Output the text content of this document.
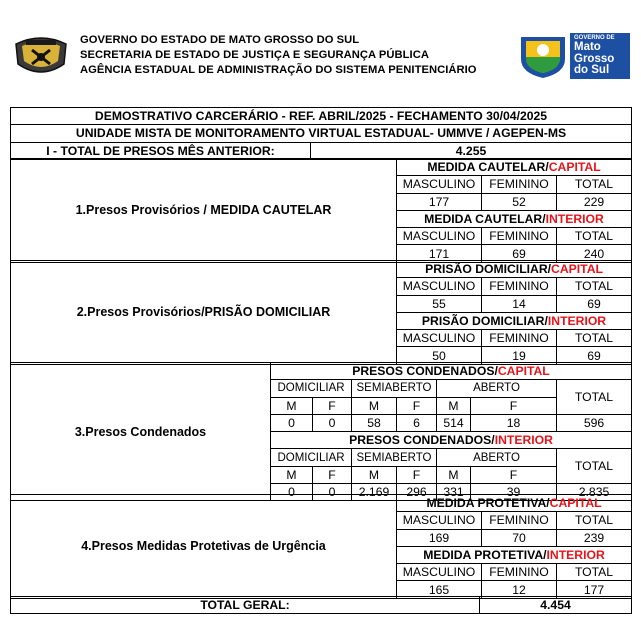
GOVERNO DO ESTADO DE MATO GROSSO DO SUL
SECRETARIA DE ESTADO DE JUSTIÇA E SEGURANÇA PÚBLICA
AGÊNCIA ESTADUAL DE ADMINISTRAÇÃO DO SISTEMA PENITENCIÁRIO
GOVERNO DE
Mato
Grosso
do Sul
DEMOSTRATIVO CARCERÁRIO - REF. ABRIL/2025 - FECHAMENTO 30/04/2025
UNIDADE MISTA DE MONITORAMENTO VIRTUAL ESTADUAL- UMMVE / AGEPEN-MS
I - TOTAL DE PRESOS MÊS ANTERIOR:	4.255
1.Presos Provisórios / MEDIDA CAUTELAR	MEDIDA CAUTELAR/CAPITAL		
	MASCULINO	FEMININO	TOTAL
	177	52	229
	MEDIDA CAUTELAR/INTERIOR		
	MASCULINO	FEMININO	TOTAL
	171	69	240
2.Presos Provisórios/PRISÃO DOMICILIAR	PRISÃO DOMICILIAR/CAPITAL		
	MASCULINO	FEMININO	TOTAL
	55	14	69
	PRISÃO DOMICILIAR/INTERIOR		
	MASCULINO	FEMININO	TOTAL
	50	19	69
3.Presos Condenados	PRESOS CONDENADOS/CAPITAL						
	DOMICILIAR		SEMIABERTO		ABERTO		TOTAL
	M	F	M	F	M	F	
	0	0	58	6	514	18	596
	PRESOS CONDENADOS/INTERIOR						
	DOMICILIAR		SEMIABERTO		ABERTO		TOTAL
	M	F	M	F	M	F	
	0	0	2.169	296	331	39	2.835
4.Presos Medidas Protetivas de Urgência	MEDIDA PROTETIVA/CAPITAL		
	MASCULINO	FEMININO	TOTAL
	169	70	239
	MEDIDA PROTETIVA/INTERIOR		
	MASCULINO	FEMININO	TOTAL
	165	12	177
TOTAL GERAL:	4.454
